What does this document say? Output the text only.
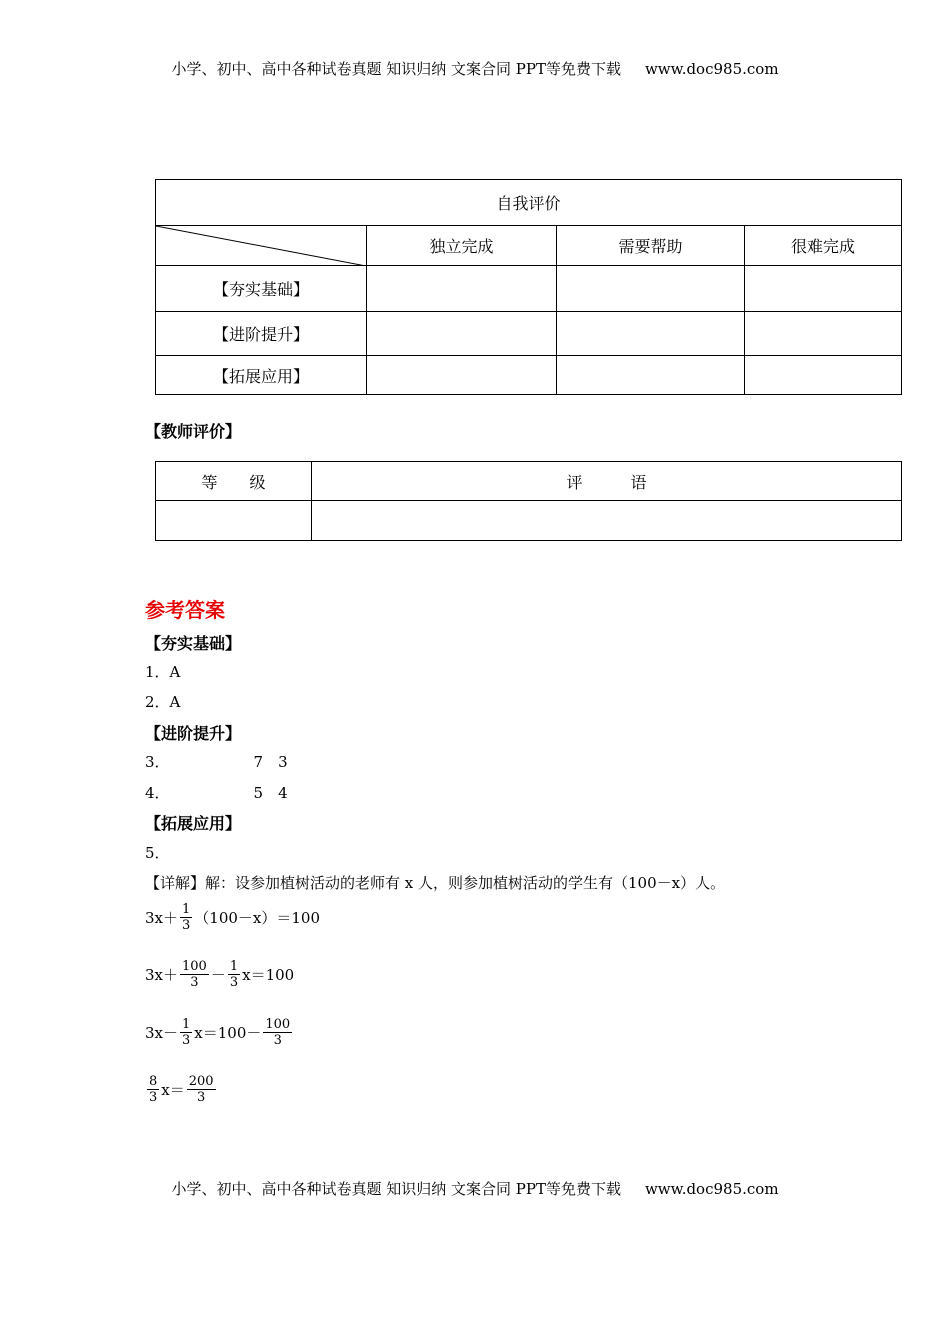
小学、初中、高中各种试卷真题 知识归纳 文案合同 PPT等免费下载 www.doc985.com
自我评价			

	独立完成	需要帮助	很难完成
【夯实基础】			
【进阶提升】			
【拓展应用】			
【教师评价】
等　　级	评　　　语

参考答案
【夯实基础】
1．A
2．A
【进阶提升】
3．	7　3
4．	5　4
【拓展应用】
5．
【详解】解：设参加植树活动的老师有 x 人，则参加植树活动的学生有（100－x）人。
$3x+ \frac{1}{3} (100-x)=100$
$3x+ \frac{100}{3} - \frac{1}{3} x=100$
$3x- \frac{1}{3} x=100- \frac{100}{3}$
$\frac{8}{3} x= \frac{200}{3}$
小学、初中、高中各种试卷真题 知识归纳 文案合同 PPT等免费下载 www.doc985.com
